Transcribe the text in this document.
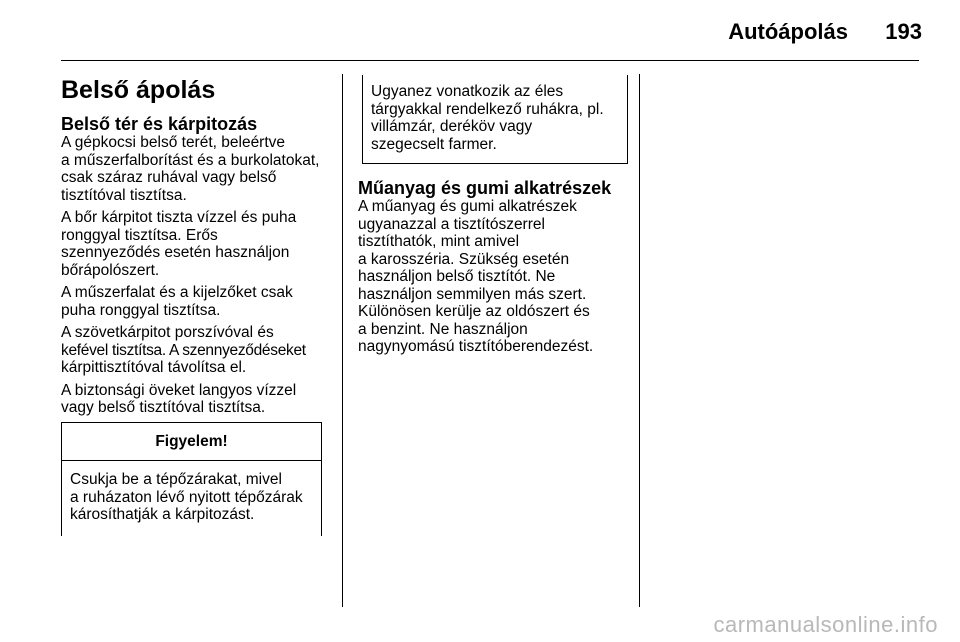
Autóápolás	193
Belső ápolás
Belső tér és kárpitozás

A gépkocsi belső terét, beleértve
a műszerfalborítást és a burkolatokat,
csak száraz ruhával vagy belső
tisztítóval tisztítsa.

A bőr kárpitot tiszta vízzel és puha
ronggyal tisztítsa. Erős
szennyeződés esetén használjon
bőrápolószert.

A műszerfalat és a kijelzőket csak
puha ronggyal tisztítsa.

A szövetkárpitot porszívóval és
kefével tisztítsa. A szennyeződéseket
kárpittisztítóval távolítsa el.

A biztonsági öveket langyos vízzel
vagy belső tisztítóval tisztítsa.

Figyelem!
Csukja be a tépőzárakat, mivel
a ruházaton lévő nyitott tépőzárak
károsíthatják a kárpitozást.
Ugyanez vonatkozik az éles
tárgyakkal rendelkező ruhákra, pl.
villámzár, deréköv vagy
szegecselt farmer.
Műanyag és gumi alkatrészek

A műanyag és gumi alkatrészek
ugyanazzal a tisztítószerrel
tisztíthatók, mint amivel
a karosszéria. Szükség esetén
használjon belső tisztítót. Ne
használjon semmilyen más szert.
Különösen kerülje az oldószert és
a benzint. Ne használjon
nagynyomású tisztítóberendezést.

carmanualsonline.info
